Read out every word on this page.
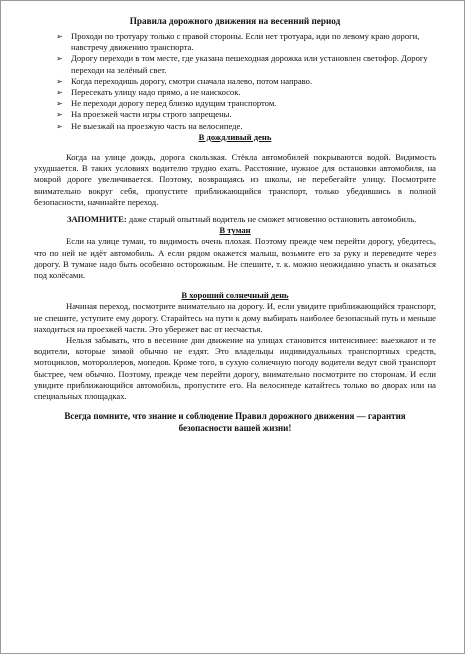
Правила дорожного движения на весенний период
➢ Проходи по тротуару только с правой стороны. Если нет тротуара, иди по левому краю дороги, навстречу движению транспорта.
➢ Дорогу переходи в том месте, где указана пешеходная дорожка или установлен светофор. Дорогу переходи на зелёный свет.
➢ Когда переходишь дорогу, смотри сначала налево, потом направо.
➢ Пересекать улицу надо прямо, а не наискосок.
➢ Не переходи дорогу перед близко идущим транспортом.
➢ На проезжей части игры строго запрещены.
➢ Не выезжай на проезжую часть на велосипеде.
В дождливый день

Когда на улице дождь, дорога скользкая. Стёкла автомобилей покрываются водой. Видимость ухудшается. В таких условиях водителю трудно ехать. Расстояние, нужное для остановки автомобиля, на мокрой дороге увеличивается. Поэтому, возвращаясь из школы, не перебегайте улицу. Посмотрите внимательно вокруг себя, пропустите приближающийся транспорт, только убедившись в полной безопасности, начинайте переход.

ЗАПОМНИТЕ: даже старый опытный водитель не сможет мгновенно остановить автомобиль.

В туман

Если на улице туман, то видимость очень плохая. Поэтому прежде чем перейти дорогу, убедитесь, что по ней не идёт автомобиль. А если рядом окажется малыш, возьмите его за руку и переведите через дорогу. В тумане надо быть особенно осторожным. Не спешите, т. к. можно неожиданно упасть и оказаться под колёсами.

В хороший солнечный день

Начиная переход, посмотрите внимательно на дорогу. И, если увидите приближающийся транспорт, не спешите, уступите ему дорогу. Старайтесь на пути к дому выбирать наиболее безопасный путь и меньше находиться на проезжей части. Это убережет вас от несчастья.

Нельзя забывать, что в весенние дни движение на улицах становится интенсивнее: выезжают и те водители, которые зимой обычно не ездят. Это владельцы индивидуальных транспортных средств, мотоциклов, мотороллеров, мопедов. Кроме того, в сухую солнечную погоду водители ведут свой транспорт быстрее, чем обычно. Поэтому, прежде чем перейти дорогу, внимательно посмотрите по сторонам. И если увидите приближающийся автомобиль, пропустите его. На велосипеде катайтесь только во дворах или на специальных площадках.

Всегда помните, что знание и соблюдение Правил дорожного движения — гарантия безопасности вашей жизни!
